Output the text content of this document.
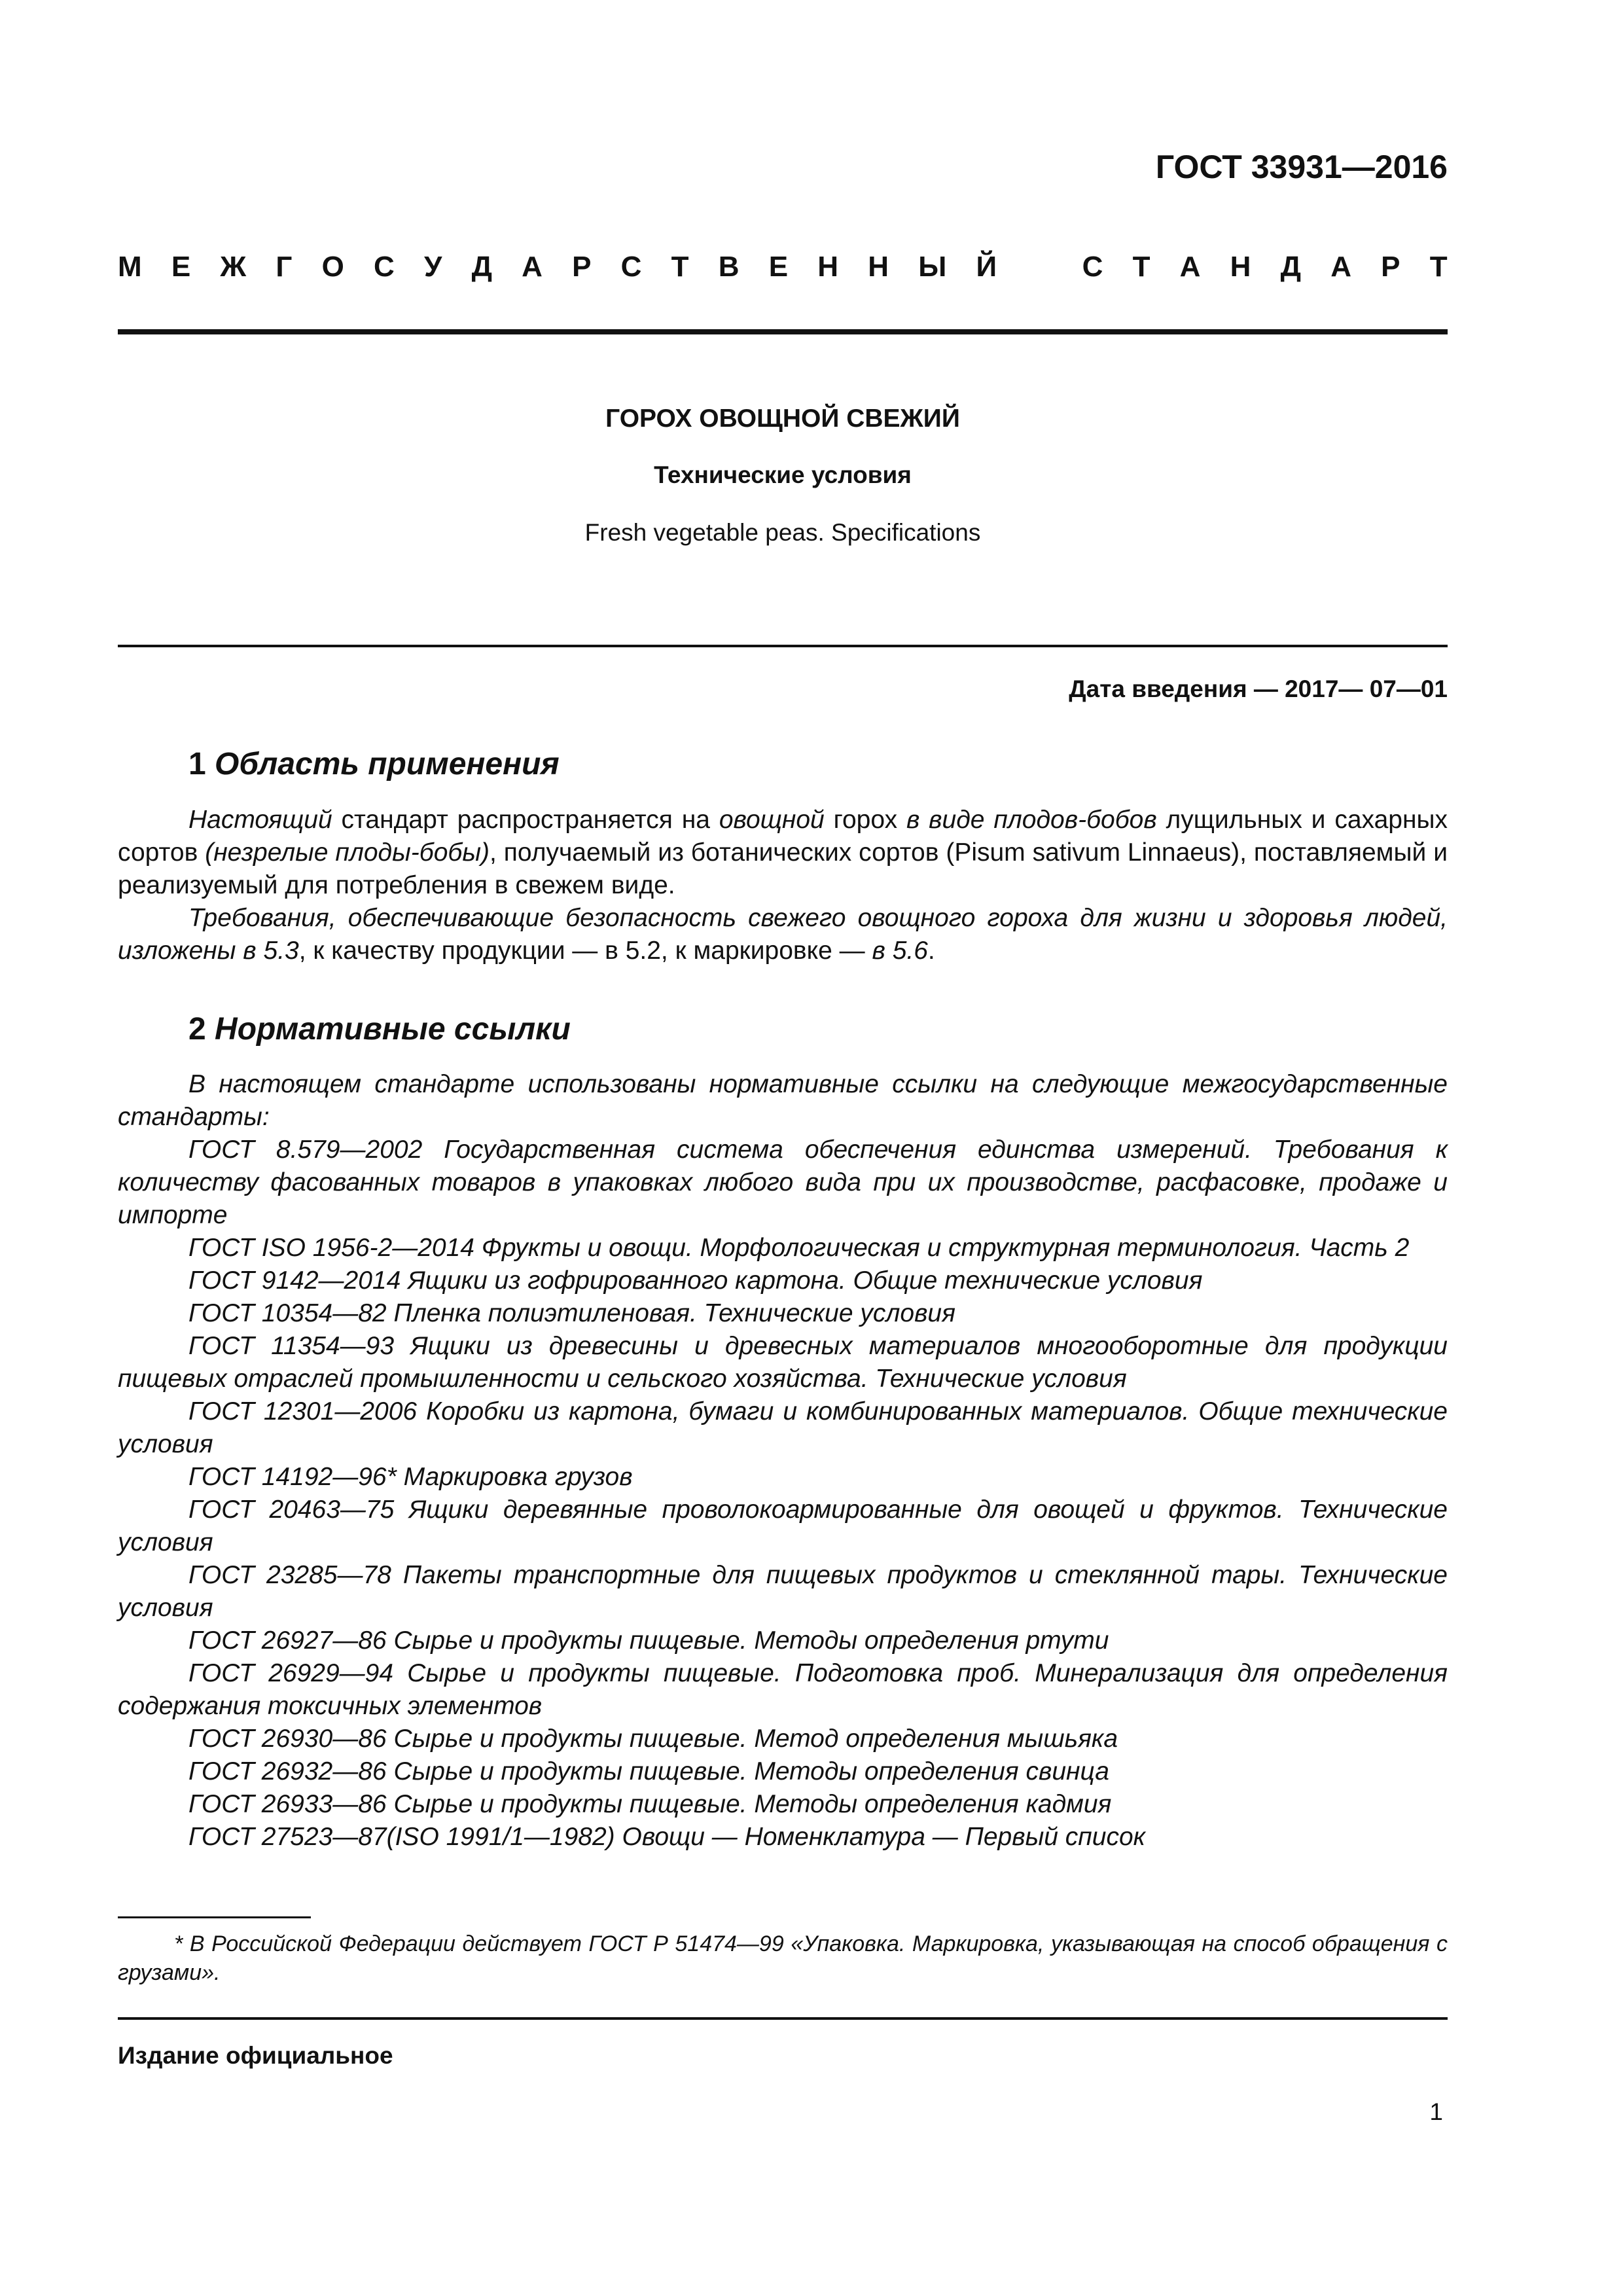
ГОСТ 33931—2016
М Е Ж Г О С У Д А Р С Т В Е Н Н Ы Й	С Т А Н Д А Р Т
ГОРОХ ОВОЩНОЙ СВЕЖИЙ
Технические условия
Fresh vegetable peas. Specifications
Дата введения — 2017— 07—01
1 Область применения

Настоящий стандарт распространяется на овощной горох в виде плодов-бобов лущильных и сахарных сортов (незрелые плоды-бобы), получаемый из ботанических сортов (Pisum sativum Linnaeus), поставляемый и реализуемый для потребления в свежем виде.

Требования, обеспечивающие безопасность свежего овощного гороха для жизни и здоровья людей, изложены в 5.3, к качеству продукции — в 5.2, к маркировке — в 5.6.

2 Нормативные ссылки

В настоящем стандарте использованы нормативные ссылки на следующие межгосударственные стандарты:

ГОСТ 8.579—2002 Государственная система обеспечения единства измерений. Требования к количеству фасованных товаров в упаковках любого вида при их производстве, расфасовке, продаже и импорте

ГОСТ ISO 1956-2—2014 Фрукты и овощи. Морфологическая и структурная терминология. Часть 2

ГОСТ 9142—2014 Ящики из гофрированного картона. Общие технические условия

ГОСТ 10354—82 Пленка полиэтиленовая. Технические условия

ГОСТ 11354—93 Ящики из древесины и древесных материалов многооборотные для продукции пищевых отраслей промышленности и сельского хозяйства. Технические условия

ГОСТ 12301—2006 Коробки из картона, бумаги и комбинированных материалов. Общие технические условия

ГОСТ 14192—96* Маркировка грузов

ГОСТ 20463—75 Ящики деревянные проволокоармированные для овощей и фруктов. Технические условия

ГОСТ 23285—78 Пакеты транспортные для пищевых продуктов и стеклянной тары. Технические условия

ГОСТ 26927—86 Сырье и продукты пищевые. Методы определения ртути

ГОСТ 26929—94 Сырье и продукты пищевые. Подготовка проб. Минерализация для определения содержания токсичных элементов

ГОСТ 26930—86 Сырье и продукты пищевые. Метод определения мышьяка

ГОСТ 26932—86 Сырье и продукты пищевые. Методы определения свинца

ГОСТ 26933—86 Сырье и продукты пищевые. Методы определения кадмия

ГОСТ 27523—87(ISO 1991/1—1982) Овощи — Номенклатура — Первый список

* В Российской Федерации действует ГОСТ Р 51474—99 «Упаковка. Маркировка, указывающая на способ обращения с грузами».
Издание официальное
1
